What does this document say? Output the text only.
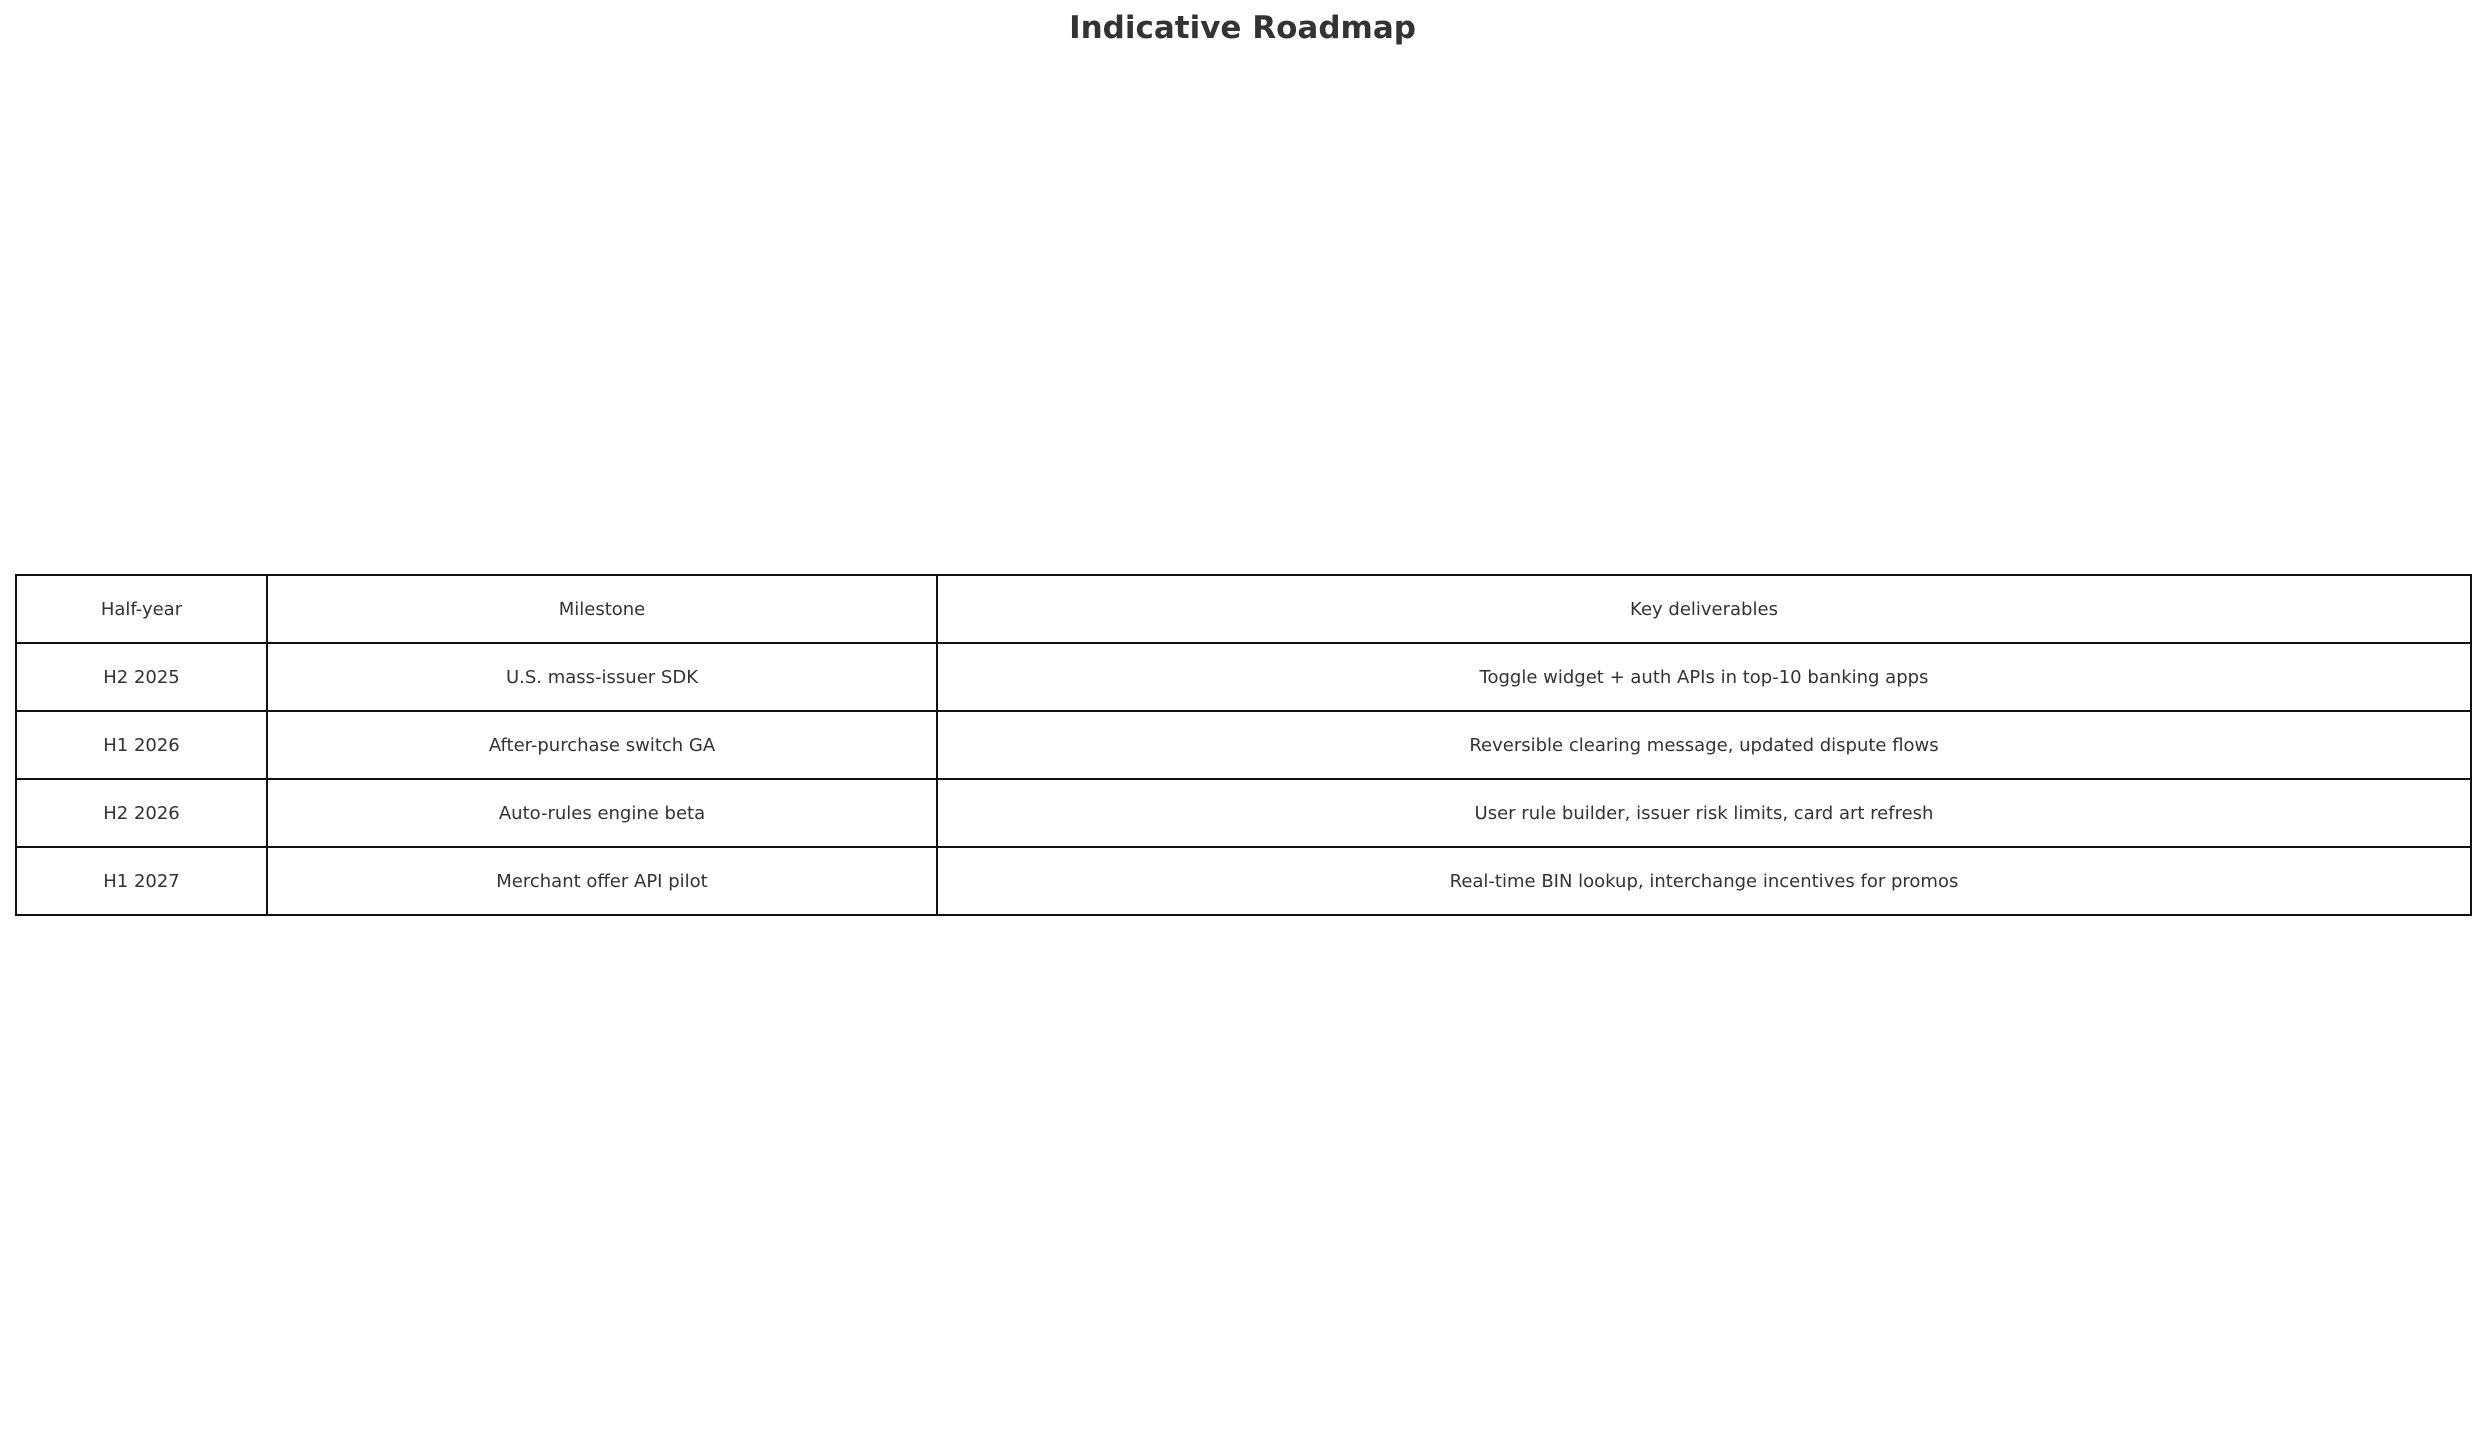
Indicative Roadmap
Half-year	Milestone	Key deliverables
H2 2025	U.S. mass-issuer SDK	Toggle widget + auth APIs in top-10 banking apps
H1 2026	After-purchase switch GA	Reversible clearing message, updated dispute flows
H2 2026	Auto-rules engine beta	User rule builder, issuer risk limits, card art refresh
H1 2027	Merchant offer API pilot	Real-time BIN lookup, interchange incentives for promos
